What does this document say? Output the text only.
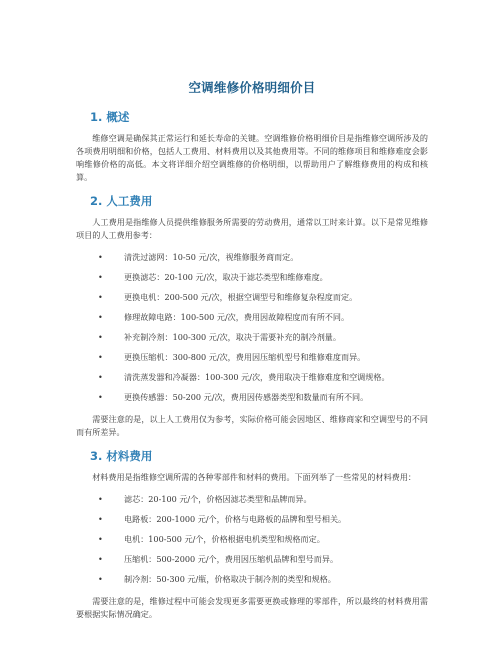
空调维修价格明细价目
1. 概述

维修空调是确保其正常运行和延长寿命的关键。空调维修价格明细价目是指维修空调所涉及的各项费用明细和价格，包括人工费用、材料费用以及其他费用等。不同的维修项目和维修难度会影响维修价格的高低。本文将详细介绍空调维修的价格明细，以帮助用户了解维修费用的构成和核算。

2. 人工费用

人工费用是指维修人员提供维修服务所需要的劳动费用，通常以工时来计算。以下是常见维修项目的人工费用参考：

• 清洗过滤网：10-50 元/次，视维修服务商而定。
• 更换滤芯：20-100 元/次，取决于滤芯类型和维修难度。
• 更换电机：200-500 元/次，根据空调型号和维修复杂程度而定。
• 修理故障电路：100-500 元/次，费用因故障程度而有所不同。
• 补充制冷剂：100-300 元/次，取决于需要补充的制冷剂量。
• 更换压缩机：300-800 元/次，费用因压缩机型号和维修难度而异。
• 清洗蒸发器和冷凝器：100-300 元/次，费用取决于维修难度和空调规格。
• 更换传感器：50-200 元/次，费用因传感器类型和数量而有所不同。

需要注意的是，以上人工费用仅为参考，实际价格可能会因地区、维修商家和空调型号的不同而有所差异。

3. 材料费用

材料费用是指维修空调所需的各种零部件和材料的费用。下面列举了一些常见的材料费用：

• 滤芯：20-100 元/个，价格因滤芯类型和品牌而异。
• 电路板：200-1000 元/个，价格与电路板的品牌和型号相关。
• 电机：100-500 元/个，价格根据电机类型和规格而定。
• 压缩机：500-2000 元/个，费用因压缩机品牌和型号而异。
• 制冷剂：50-300 元/瓶，价格取决于制冷剂的类型和规格。

需要注意的是，维修过程中可能会发现更多需要更换或修理的零部件，所以最终的材料费用需要根据实际情况确定。
